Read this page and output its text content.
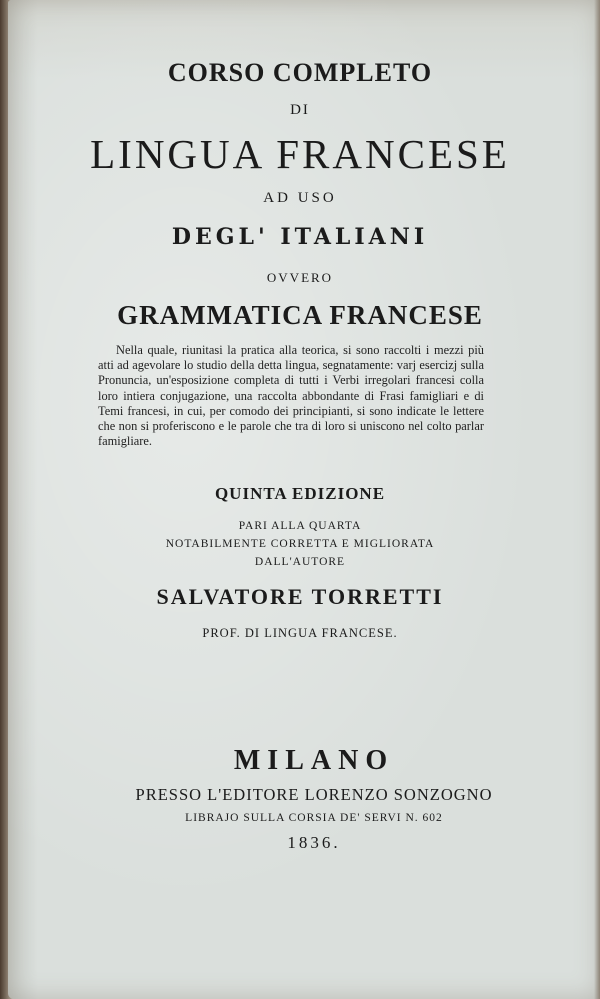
CORSO COMPLETO
DI
LINGUA FRANCESE
AD USO
DEGL' ITALIANI
OVVERO
GRAMMATICA FRANCESE
Nella quale, riunitasi la pratica alla teorica, si sono raccolti i mezzi più atti ad agevolare lo studio della detta lingua, segnatamente: varj esercizj sulla Pronuncia, un'esposizione completa di tutti i Verbi irregolari francesi colla loro intiera conjugazione, una raccolta abbondante di Frasi famigliari e di Temi francesi, in cui, per comodo dei principianti, si sono indicate le lettere che non si proferiscono e le parole che tra di loro si uniscono nel colto parlar famigliare.
QUINTA EDIZIONE
PARI ALLA QUARTA
NOTABILMENTE CORRETTA E MIGLIORATA
DALL'AUTORE
SALVATORE TORRETTI
PROF. DI LINGUA FRANCESE.
MILANO
PRESSO L'EDITORE LORENZO SONZOGNO
LIBRAJO SULLA CORSIA DE' SERVI N. 602
1836.
